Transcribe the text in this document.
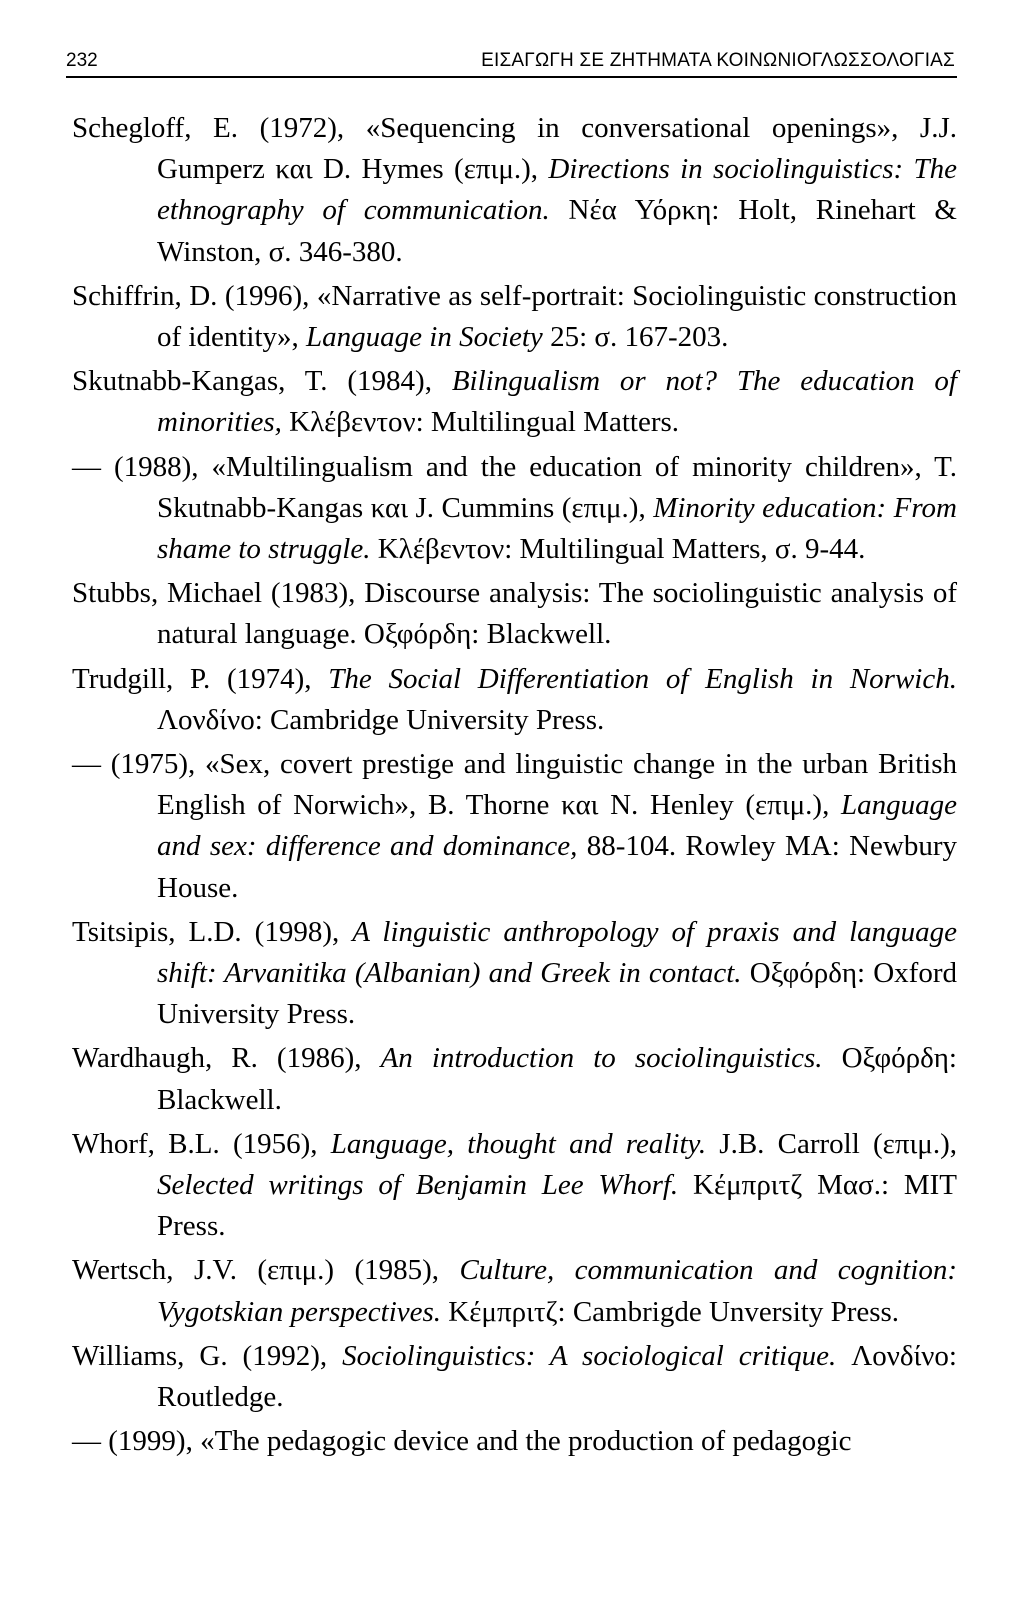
232	ΕΙΣΑΓΩΓΗ ΣΕ ΖΗΤΗΜΑΤΑ ΚΟΙΝΩΝΙΟΓΛΩΣΣΟΛΟΓΙΑΣ

Schegloff, E. (1972), «Sequencing in conversational openings», J.J. Gumperz και D. Hymes (επιμ.), Directions in sociolinguistics: The ethnography of communication. Νέα Υόρκη: Holt, Rinehart & Winston, σ. 346-380.

Schiffrin, D. (1996), «Narrative as self-portrait: Sociolinguistic construction of identity», Language in Society 25: σ. 167-203.

Skutnabb-Kangas, T. (1984), Bilingualism or not? The education of minorities, Κλέβεντον: Multilingual Matters.

— (1988), «Multilingualism and the education of minority children», T. Skutnabb-Kangas και J. Cummins (επιμ.), Minority education: From shame to struggle. Κλέβεντον: Multilingual Matters, σ. 9-44.

Stubbs, Michael (1983), Discourse analysis: The sociolinguistic analysis of natural language. Οξφόρδη: Blackwell.

Trudgill, P. (1974), The Social Differentiation of English in Norwich. Λονδίνο: Cambridge University Press.

— (1975), «Sex, covert prestige and linguistic change in the urban British English of Norwich», B. Thorne και N. Henley (επιμ.), Language and sex: difference and dominance, 88-104. Rowley MA: Newbury House.

Tsitsipis, L.D. (1998), A linguistic anthropology of praxis and language shift: Arvanitika (Albanian) and Greek in contact. Οξφόρδη: Oxford University Press.

Wardhaugh, R. (1986), An introduction to sociolinguistics. Οξφόρδη: Blackwell.

Whorf, B.L. (1956), Language, thought and reality. J.B. Carroll (επιμ.), Selected writings of Benjamin Lee Whorf. Κέμπριτζ Μασ.: MIT Press.

Wertsch, J.V. (επιμ.) (1985), Culture, communication and cognition: Vygotskian perspectives. Κέμπριτζ: Cambrigde Unversity Press.

Williams, G. (1992), Sociolinguistics: A sociological critique. Λονδίνο: Routledge.

— (1999), «The pedagogic device and the production of pedagogic
